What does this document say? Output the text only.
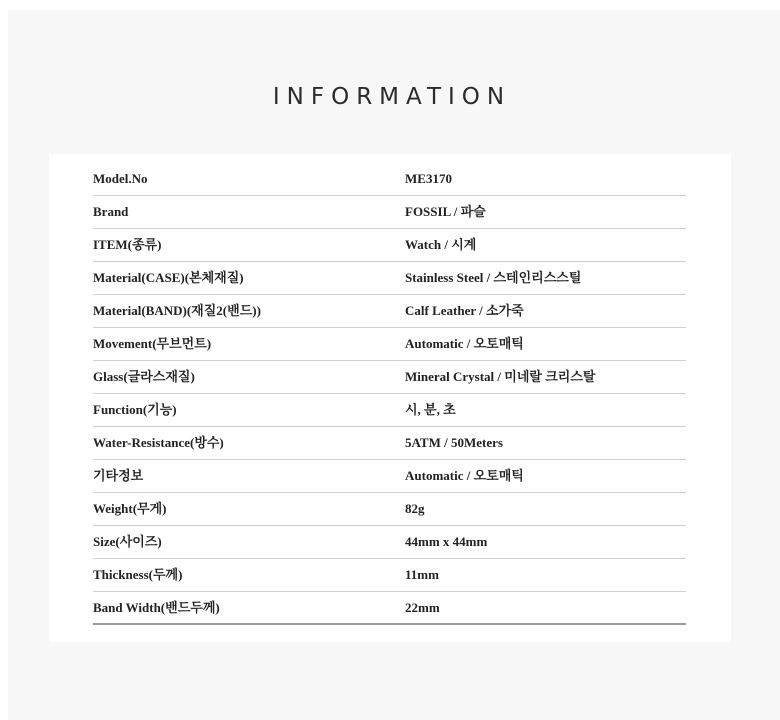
INFORMATION
Model.No	ME3170
Brand	FOSSIL / 파슬
ITEM(종류)	Watch / 시계
Material(CASE)(본체재질)	Stainless Steel / 스테인리스스틸
Material(BAND)(재질2(밴드))	Calf Leather / 소가죽
Movement(무브먼트)	Automatic / 오토매틱
Glass(글라스재질)	Mineral Crystal / 미네랄 크리스탈
Function(기능)	시, 분, 초
Water-Resistance(방수)	5ATM / 50Meters
기타정보	Automatic / 오토매틱
Weight(무게)	82g
Size(사이즈)	44mm x 44mm
Thickness(두께)	11mm
Band Width(밴드두께)	22mm
